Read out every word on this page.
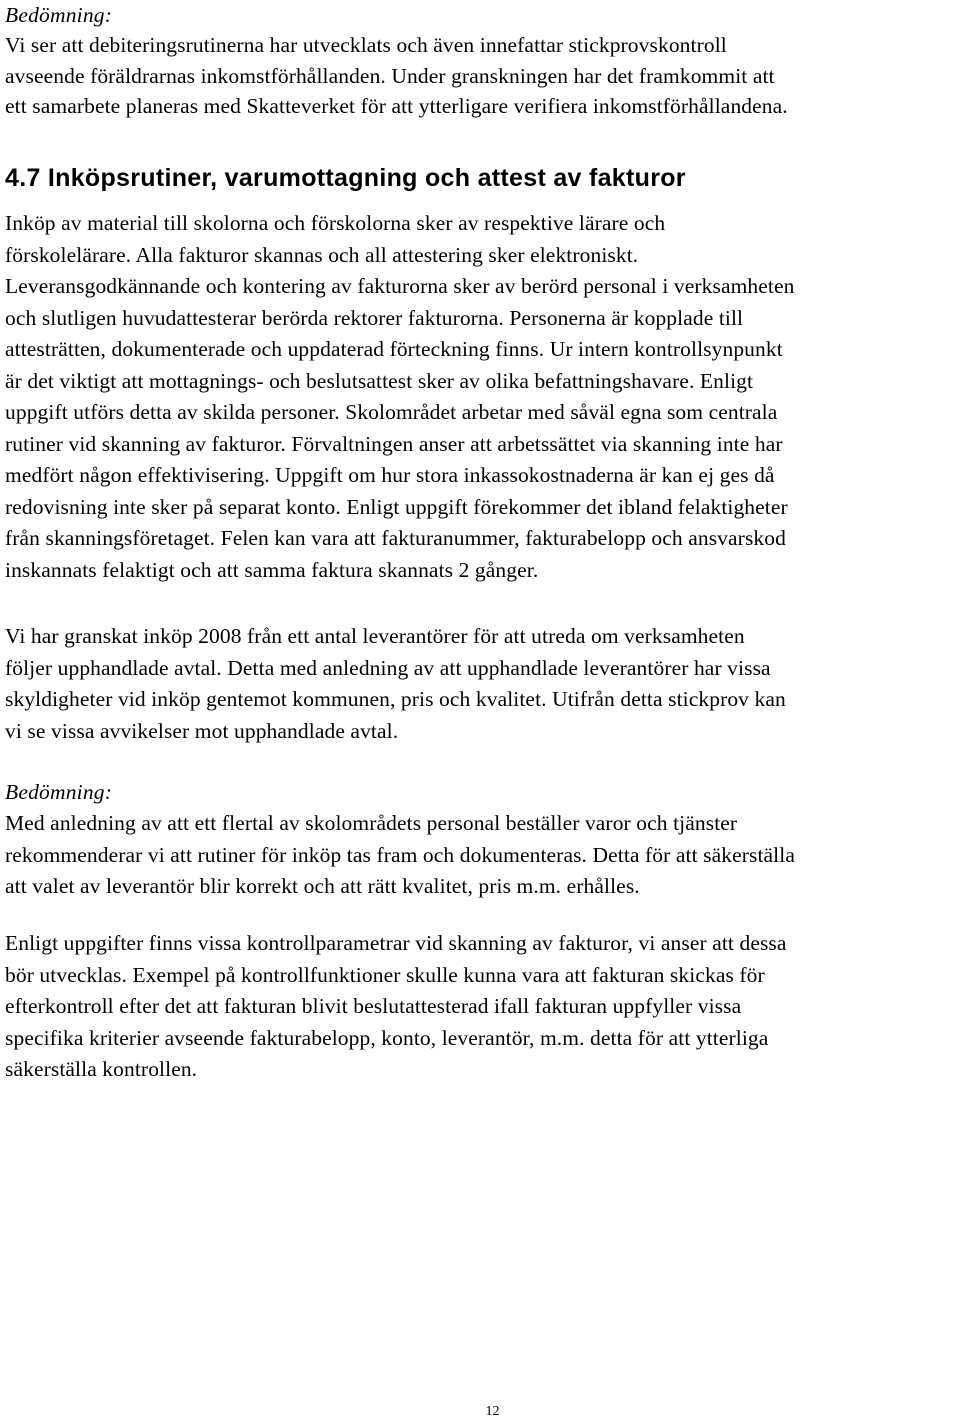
Bedömning:

Vi ser att debiteringsrutinerna har utvecklats och även innefattar stickprovskontroll
avseende föräldrarnas inkomstförhållanden. Under granskningen har det framkommit att
ett samarbete planeras med Skatteverket för att ytterligare verifiera inkomstförhållandena.

4.7 Inköpsrutiner, varumottagning och attest av fakturor

Inköp av material till skolorna och förskolorna sker av respektive lärare och
förskolelärare. Alla fakturor skannas och all attestering sker elektroniskt.
Leveransgodkännande och kontering av fakturorna sker av berörd personal i verksamheten
och slutligen huvudattesterar berörda rektorer fakturorna. Personerna är kopplade till
attesträtten, dokumenterade och uppdaterad förteckning finns. Ur intern kontrollsynpunkt
är det viktigt att mottagnings- och beslutsattest sker av olika befattningshavare. Enligt
uppgift utförs detta av skilda personer. Skolområdet arbetar med såväl egna som centrala
rutiner vid skanning av fakturor. Förvaltningen anser att arbetssättet via skanning inte har
medfört någon effektivisering. Uppgift om hur stora inkassokostnaderna är kan ej ges då
redovisning inte sker på separat konto. Enligt uppgift förekommer det ibland felaktigheter
från skanningsföretaget. Felen kan vara att fakturanummer, fakturabelopp och ansvarskod
inskannats felaktigt och att samma faktura skannats 2 gånger.

Vi har granskat inköp 2008 från ett antal leverantörer för att utreda om verksamheten
följer upphandlade avtal. Detta med anledning av att upphandlade leverantörer har vissa
skyldigheter vid inköp gentemot kommunen, pris och kvalitet. Utifrån detta stickprov kan
vi se vissa avvikelser mot upphandlade avtal.

Bedömning:

Med anledning av att ett flertal av skolområdets personal beställer varor och tjänster
rekommenderar vi att rutiner för inköp tas fram och dokumenteras. Detta för att säkerställa
att valet av leverantör blir korrekt och att rätt kvalitet, pris m.m. erhålles.

Enligt uppgifter finns vissa kontrollparametrar vid skanning av fakturor, vi anser att dessa
bör utvecklas. Exempel på kontrollfunktioner skulle kunna vara att fakturan skickas för
efterkontroll efter det att fakturan blivit beslutattesterad ifall fakturan uppfyller vissa
specifika kriterier avseende fakturabelopp, konto, leverantör, m.m. detta för att ytterliga
säkerställa kontrollen.

12
